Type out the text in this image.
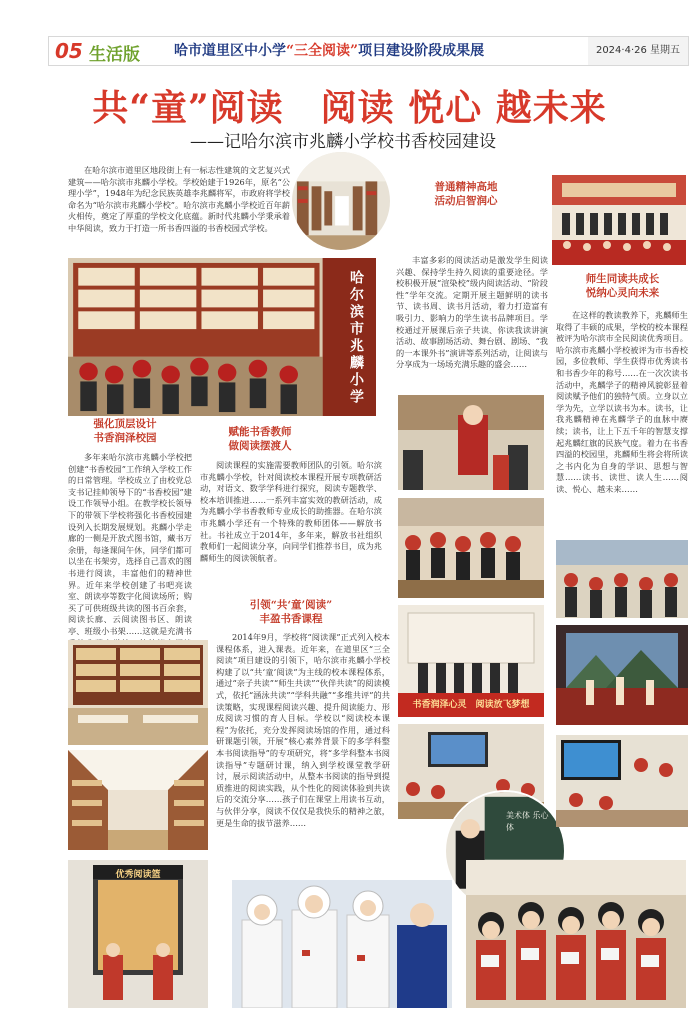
05 生活版 哈市道里区中小学“三全阅读”项目建设阶段成果展	2024·4·26 星期五
共“童”阅读　阅读 悦心 越未来
——记哈尔滨市兆麟小学校书香校园建设
在哈尔滨市道里区地段街上有一标志性建筑的文艺复兴式建筑——哈尔滨市兆麟小学校。学校始建于1926年，原名“公理小学”，1948年为纪念民族英雄李兆麟将军，市政府将学校命名为“哈尔滨市兆麟小学校”。哈尔滨市兆麟小学校近百年薪火相传，奠定了厚重的学校文化底蕴。新时代兆麟小学秉承着中华阅读，致力于打造一所书香四溢的书香校园式学校。
哈尔滨市兆麟小学
强化顶层设计
书香润泽校园
多年来哈尔滨市兆麟小学校把创建“书香校园”工作纳入学校工作的日常管理。学校成立了由校党总支书记挂帅领导下的“书香校园”建设工作领导小组。在教学校长领导下的带领下学校将强化书香校园建设列入长期发展规划。兆麟小学走廊的一侧是开放式图书馆，藏书万余册，每逢课间午休，同学们都可以坐在书架旁，选择自己喜欢的图书进行阅读，丰富他们的精神世界。近年来学校创建了书吧亮读室、朗读亭等数字化阅读场所；购买了可供班级共读的图书百余套，阅读长廊、云阅读图书区、朗读亭、班级小书架……这就是充满书
优秀阅读篮
赋能书香教师
做阅读摆渡人
阅读课程的实施需要教师团队的引领。哈尔滨市兆麟小学校，针对阅读校本课程开展专项教研活动，对语文、数学学科进行探究，阅读专题教学、校本培训推进……一系列丰富实效的教研活动，成为兆麟小学书香教师专业成长的助推器。在哈尔滨市兆麟小学还有一个特殊的教师团体——解放书社。书社成立于2014年，多年来，解放书社组织教师们一起阅读分享，向同学们推荐书目，成为兆麟师生的阅读领航者。
引领“共‘童’阅读”
丰盈书香课程
2014年9月，学校将“阅读课”正式列入校本课程体系，进入课表。近年来，在道里区“三全阅读”项目建设的引领下，哈尔滨市兆麟小学校构建了以“共‘童’阅读”为主线的校本课程体系，通过“亲子共读”“师生共读”“伙伴共读”的阅读模式，依托“涵泳共读”“学科共融”“多维共评”的共读策略，实现课程阅读兴趣、提升阅读能力、形成阅读习惯的育人目标。学校以“阅读校本课程”为依托，充分发挥阅读场馆的作用，通过科研课题引领，开展“核心素养背景下的多学科整本书阅读指导”的专项研究，将“多学科整本书阅读指导”专题研讨课，纳入到学校课堂教学研讨，展示阅读活动中，从整本书阅读的指导到提质推进的阅读实践，从个性化的阅读体验到共读后的交流分享……孩子们在课堂上用读书互动，与伙伴分享，阅读不仅仅是我快乐的精神之旅，更是生命的拔节滋养……
普通精神高地
活动启智润心
丰富多彩的阅读活动是激发学生阅读兴趣、保持学生持久阅读的重要途径。学校积极开展“渲染校”级内阅读活动、“阶段性”学年交流。定期开展主题鲜明的读书节、读书周、读书月活动，着力打造富有吸引力、影响力的学生读书品牌项目。学校通过开展课后亲子共读、你读我读讲演活动、故事剧场活动、舞台剧、剧场、“我的一本课外书”演讲等系列活动，让阅读与分享成为一场场充满乐趣的盛会……
书香润泽心灵　阅读放飞梦想
美术体 乐心体
师生同读共成长
悦纳心灵向未来
在这样的教读教养下，兆麟师生取得了丰硕的成果，学校的校本课程被评为哈尔滨市全民阅读优秀项目。哈尔滨市兆麟小学校被评为市书香校园，多位教师、学生获得市优秀读书和书香少年的称号……在一次次读书活动中，兆麟学子的精神风貌彰显着阅读赋予他们的独特气质。立身以立学为先，立学以读书为本。读书，让我兆麟精神在兆麟学子的血脉中赓续；读书，让上下五千年的智慧支撑起兆麟红旗的民族气度。着力在书香四溢的校园里，兆麟师生将会将所读之书内化为自身的学识、思想与智慧……读书、读世、读人生……阅读、悦心、越未来……
